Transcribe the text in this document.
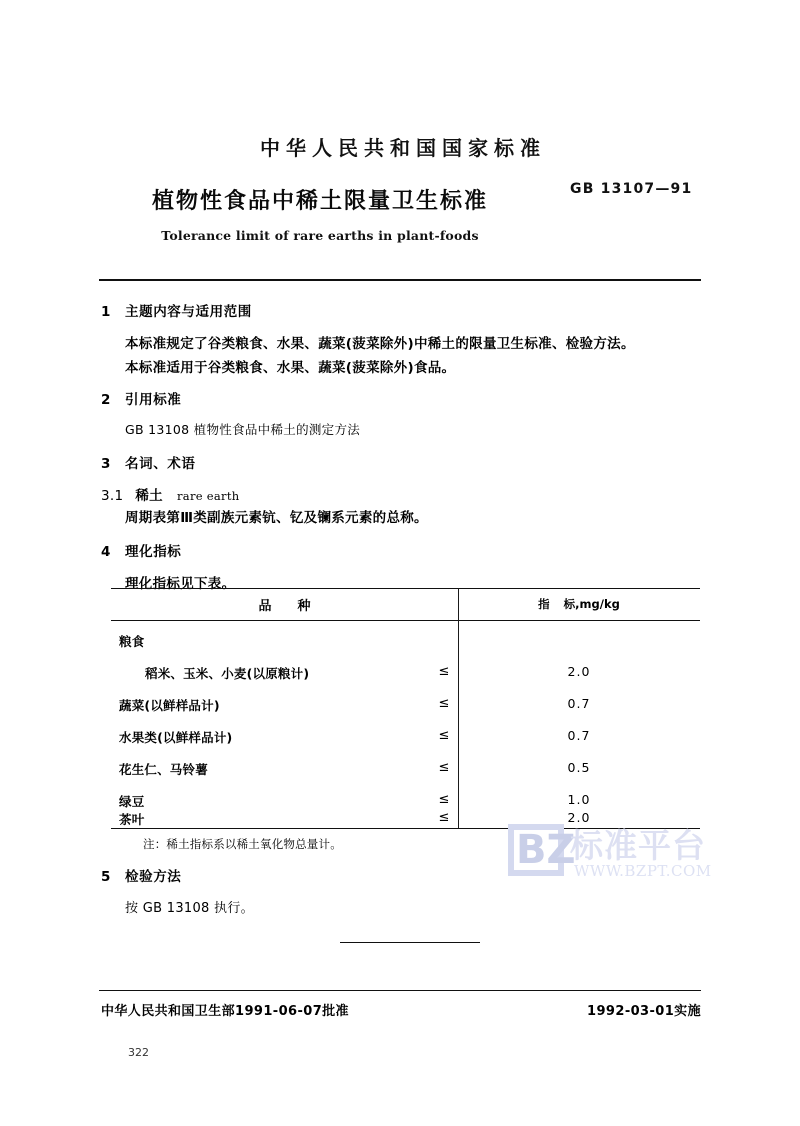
中华人民共和国国家标准
植物性食品中稀土限量卫生标准	GB 13107—91
Tolerance limit of rare earths in plant-foods
1 主题内容与适用范围
本标准规定了谷类粮食、水果、蔬菜(菠菜除外)中稀土的限量卫生标准、检验方法。
本标准适用于谷类粮食、水果、蔬菜(菠菜除外)食品。
2 引用标准
GB 13108 植物性食品中稀土的测定方法
3 名词、术语
3.1 稀土 rare earth
周期表第Ⅲ类副族元素钪、钇及镧系元素的总称。
4 理化指标
理化指标见下表。
品种	指标,mg/kg
粮食
稻米、玉米、小麦(以原粮计)	≤	2.0
蔬菜(以鲜样品计)	≤	0.7
水果类(以鲜样品计)	≤	0.7
花生仁、马铃薯	≤	0.5
绿豆	≤	1.0
茶叶	≤	2.0
注：稀土指标系以稀土氧化物总量计。
5 检验方法
按 GB 13108 执行。
BZ
标准平台
WWW.BZPT.COM
中华人民共和国卫生部1991-06-07批准	1992-03-01实施
322
